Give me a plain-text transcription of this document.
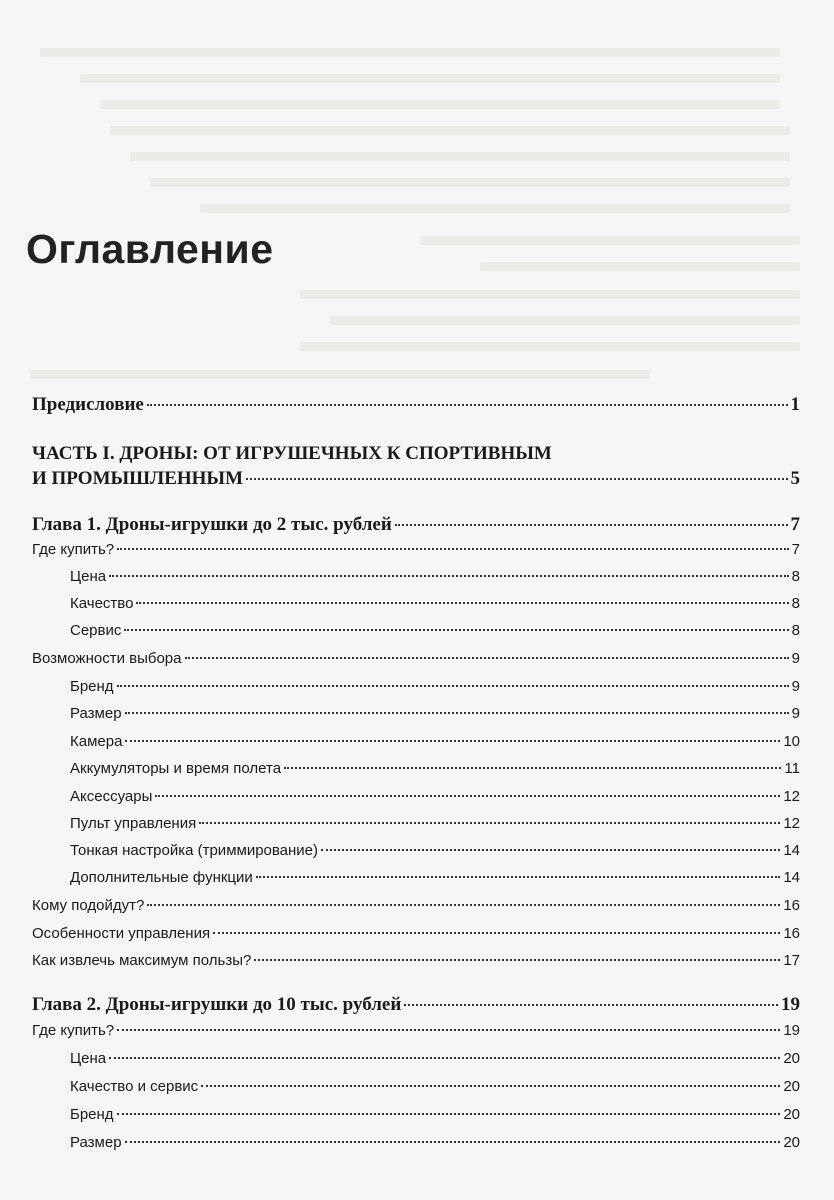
Оглавление
Предисловие	1
ЧАСТЬ I. ДРОНЫ: ОТ ИГРУШЕЧНЫХ К СПОРТИВНЫМ
И ПРОМЫШЛЕННЫМ	5
Глава 1. Дроны-игрушки до 2 тыс. рублей	7
Где купить?	7
Цена	8
Качество	8
Сервис	8
Возможности выбора	9
Бренд	9
Размер	9
Камера	10
Аккумуляторы и время полета	11
Аксессуары	12
Пульт управления	12
Тонкая настройка (триммирование)	14
Дополнительные функции	14
Кому подойдут?	16
Особенности управления	16
Как извлечь максимум пользы?	17
Глава 2. Дроны-игрушки до 10 тыс. рублей	19
Где купить?	19
Цена	20
Качество и сервис	20
Бренд	20
Размер	20
